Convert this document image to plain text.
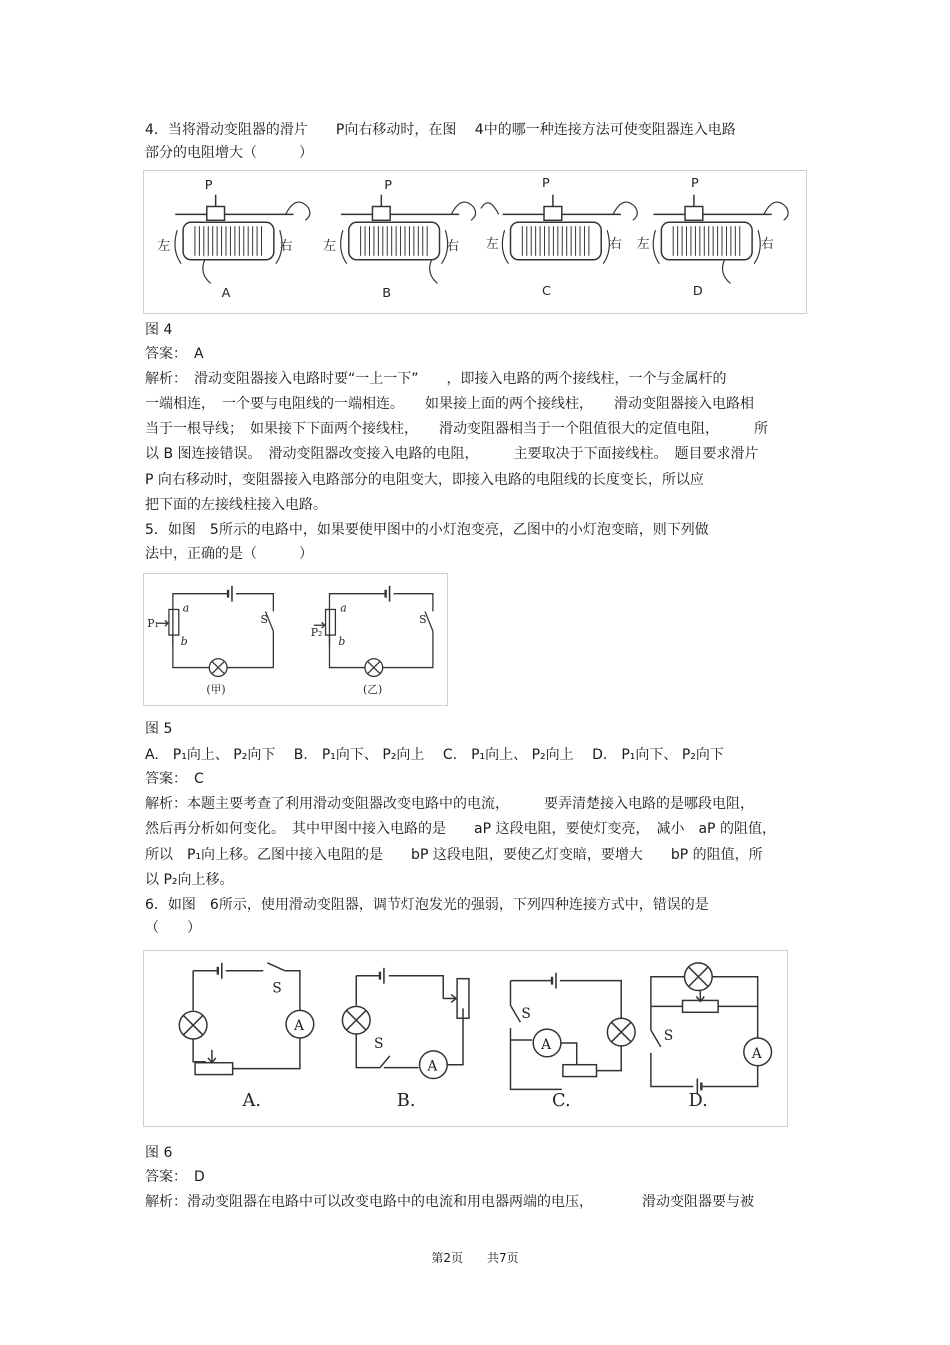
4．当将滑动变阻器的滑片　　P向右移动时，在图　 4中的哪一种连接方法可使变阻器连入电路
部分的电阻增大（　　　）
P	P	P	P
左	右 左	右 左	右 左	右
A	B	C	D
图 4
答案：　A
解析：　滑动变阻器接入电路时要“一上一下”　　，即接入电路的两个接线柱，一个与金属杆的
一端相连，　一个要与电阻线的一端相连。　　如果接上面的两个接线柱，　　滑动变阻器接入电路相
当于一根导线；　如果接下下面两个接线柱，　　滑动变阻器相当于一个阻值很大的定值电阻，　　　所
以 B 图连接错误。　滑动变阻器改变接入电路的电阻，　　　主要取决于下面接线柱。　题目要求滑片
P 向右移动时，变阻器接入电路部分的电阻变大，即接入电路的电阻线的长度变长，所以应
把下面的左接线柱接入电路。
5．如图　5所示的电路中，如果要使甲图中的小灯泡变亮，乙图中的小灯泡变暗，则下列做
法中，正确的是（　　　）
a
b
P₁	S
(甲)
a
b
P₂
S
(乙)
图 5
A.　P₁向上、 P₂向下　 B.　P₁向下、 P₂向上　 C.　P₁向上、 P₂向上　 D.　P₁向下、 P₂向下
答案：　C
解析：本题主要考查了利用滑动变阻器改变电路中的电流，　　　要弄清楚接入电路的是哪段电阻，
然后再分析如何变化。　其中甲图中接入电路的是　　aP 这段电阻，要使灯变亮，　减小　aP 的阻值，
所以　P₁向上移。乙图中接入电阻的是　　bP 这段电阻，要使乙灯变暗，要增大　　bP 的阻值，所
以 P₂向上移。
6．如图　6所示，使用滑动变阻器，调节灯泡发光的强弱，下列四种连接方式中，错误的是
（　　）
S
A
A.
S
A
B.
S
A
C.
S
A
D.
图 6
答案：　D
解析：滑动变阻器在电路中可以改变电路中的电流和用电器两端的电压，　　　　滑动变阻器要与被
第2页　　共7页
